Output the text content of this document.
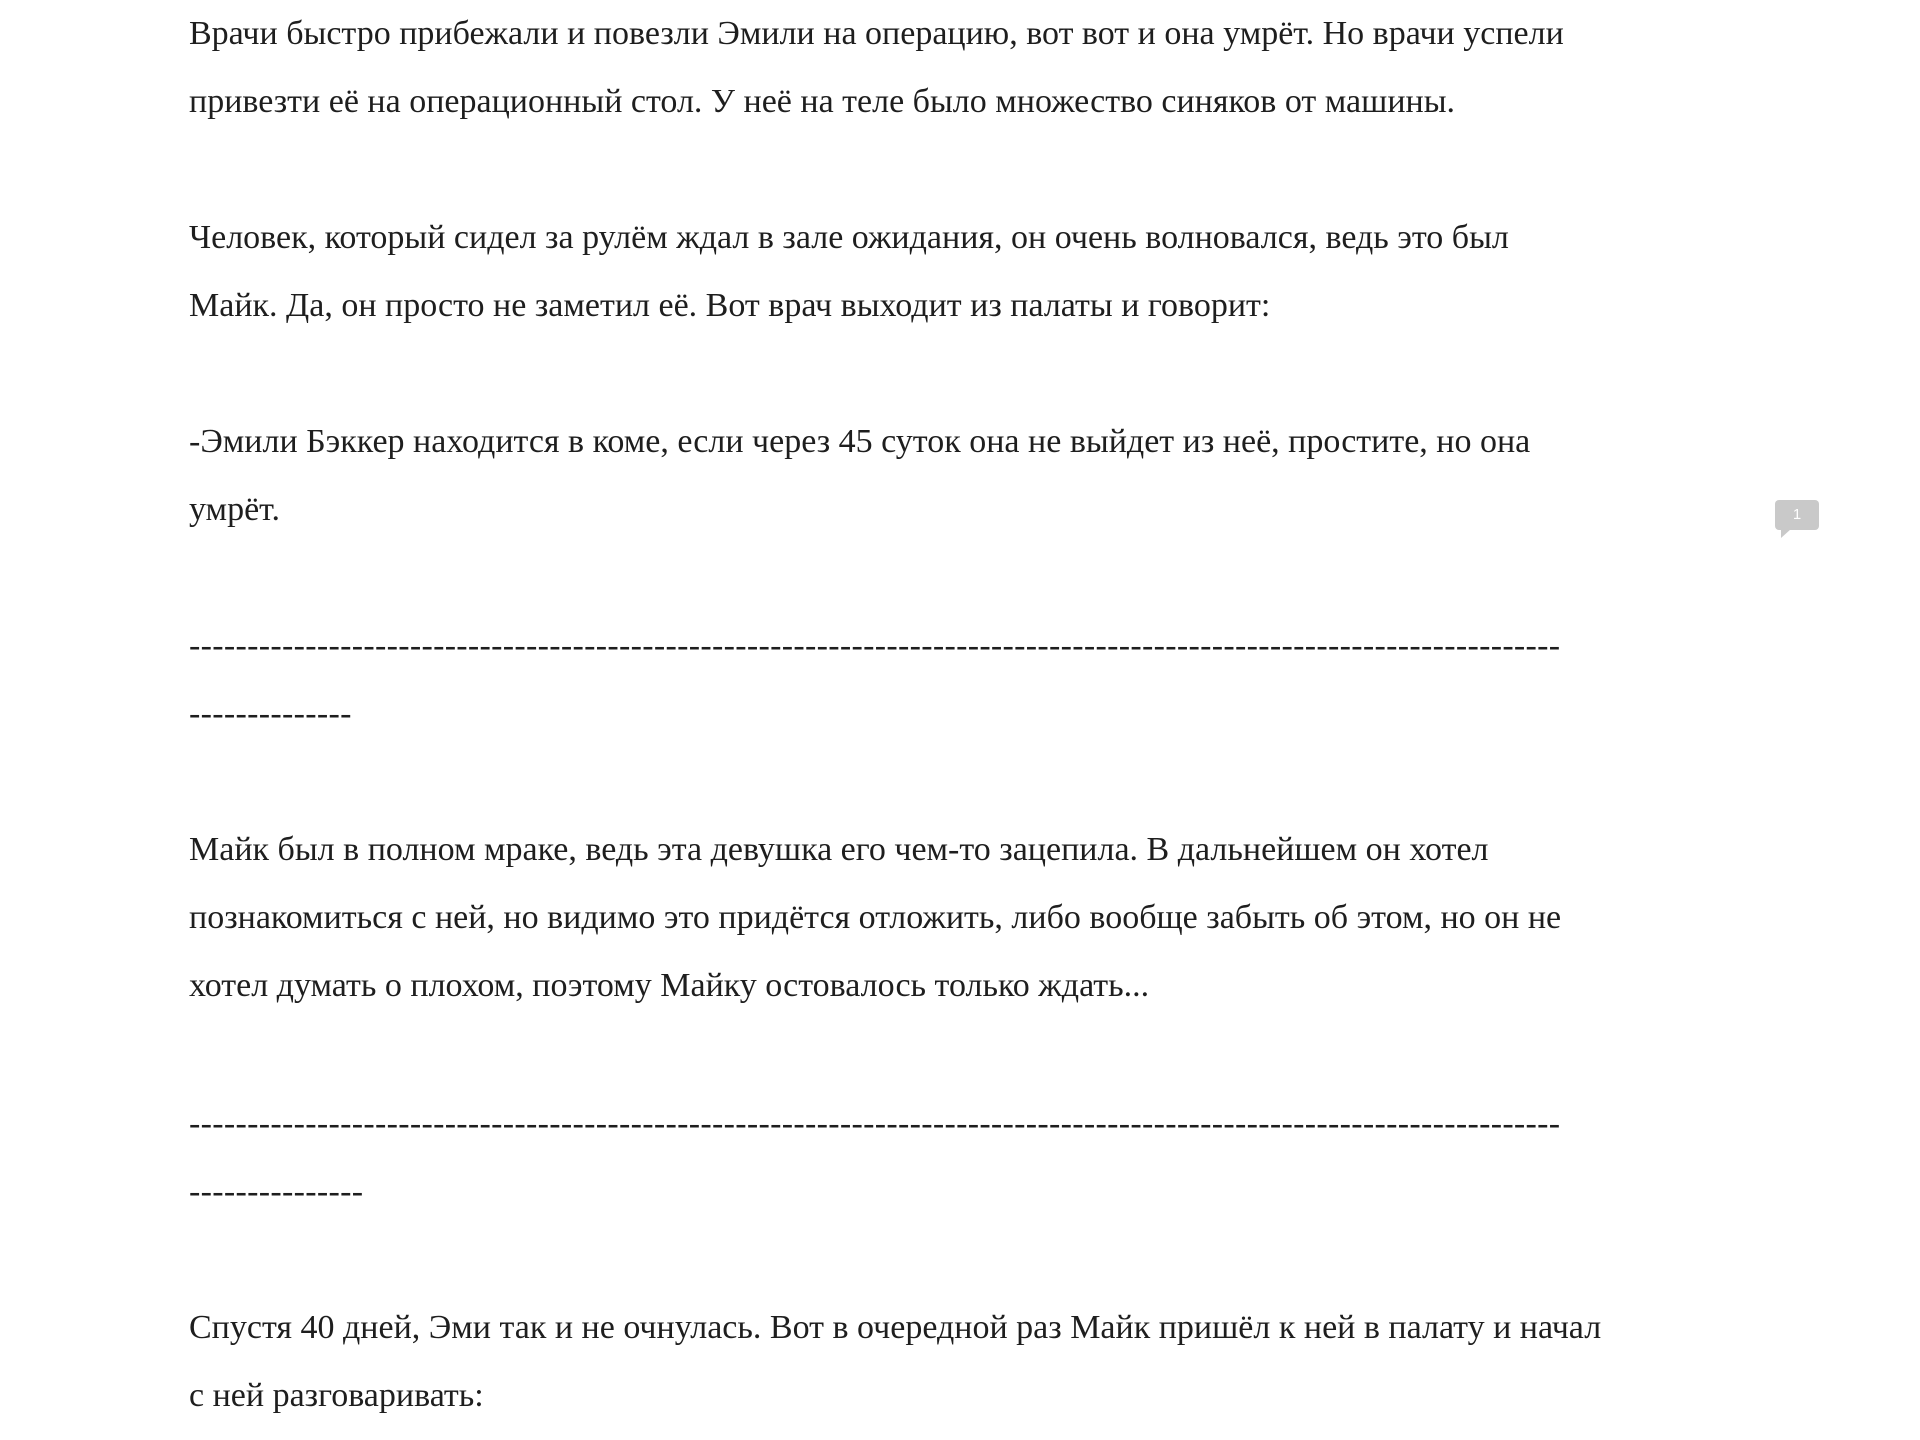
Врачи быстро прибежали и повезли Эмили на операцию, вот вот и она умрёт. Но врачи успели
привезти её на операционный стол. У неё на теле было множество синяков от машины.

Человек, который сидел за рулём ждал в зале ожидания, он очень волновался, ведь это был
Майк. Да, он просто не заметил её. Вот врач выходит из палаты и говорит:

-Эмили Бэккер находится в коме, если через 45 суток она не выйдет из неё, простите, но она
умрёт.

----------------------------------------------------------------------------------------------------------------------
--------------

Майк был в полном мраке, ведь эта девушка его чем-то зацепила. В дальнейшем он хотел
познакомиться с ней, но видимо это придётся отложить, либо вообще забыть об этом, но он не
хотел думать о плохом, поэтому Майку остовалось только ждать...

----------------------------------------------------------------------------------------------------------------------
---------------

Спустя 40 дней, Эми так и не очнулась. Вот в очередной раз Майк пришёл к ней в палату и начал
с ней разговаривать:

1
